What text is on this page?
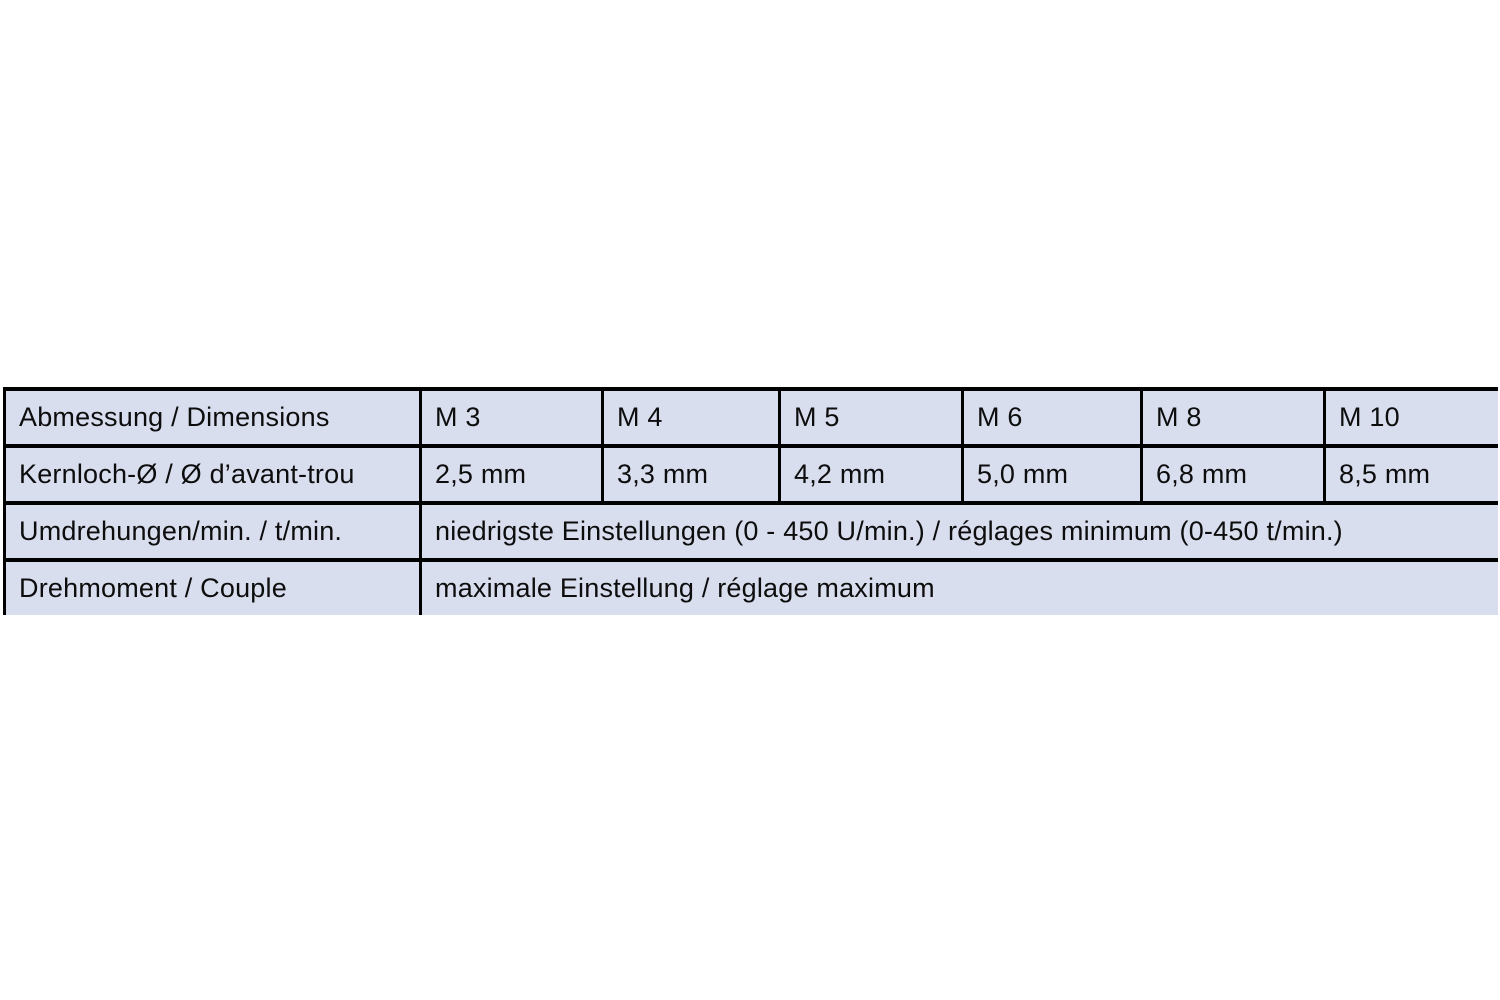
Abmessung / Dimensions	M 3	M 4	M 5	M 6	M 8	M 10
Kernloch-Ø / Ø d’avant-trou	2,5 mm	3,3 mm	4,2 mm	5,0 mm	6,8 mm	8,5 mm
Umdrehungen/min. / t/min.	niedrigste Einstellungen (0 - 450 U/min.) / réglages minimum (0-450 t/min.)					
Drehmoment / Couple	maximale Einstellung / réglage maximum					
